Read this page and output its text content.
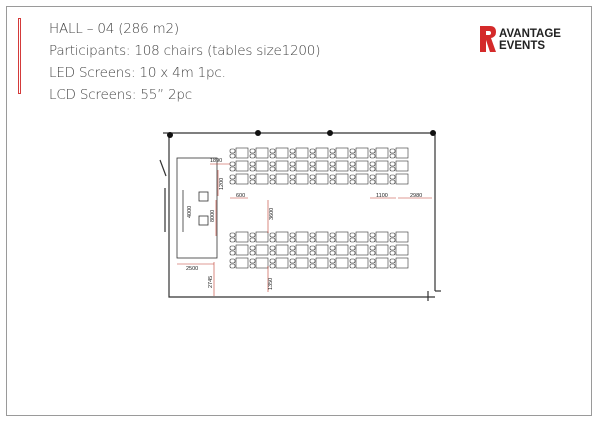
HALL – 04 (286 m2)
Participants: 108 chairs (tables size1200)
LED Screens: 10 x 4m 1pc.
LCD Screens: 55” 2pc
AVANTAGE
EVENTS
1890
1200
600
4000	8000	3600
1100	2980
2500
2745	1350
